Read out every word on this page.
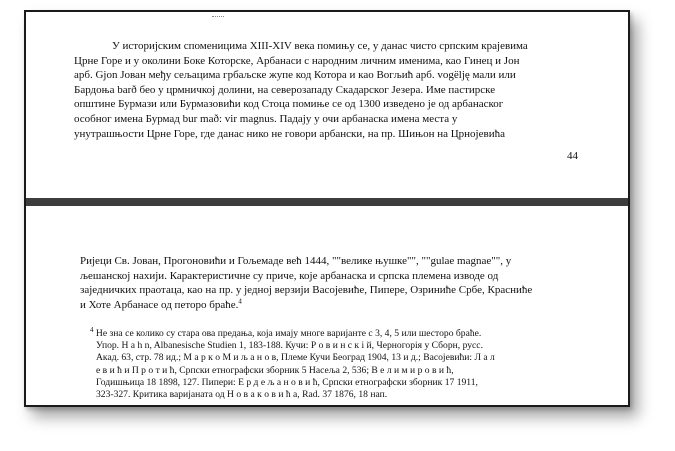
У историјским споменицима XIII-XIV века помињу се, у данас чисто српским крајевима
Црне Горе и у околини Боке Которске, Арбанаси с народним личним именима, као Гинец и Јон
арб. Gjon Јован међу сељацима грбаљске жупе код Котора и као Вогљић арб. vogëlję мали или
Бардоња barð бео у црмничкој долини, на северозападу Скадарског Језера. Име пастирске
општине Бурмази или Бурмазовићи код Стоца помиње се од 1300 изведено је од арбанаског
особног имена Бурмад bur mað: vir magnus. Падају у очи арбанаска имена места у
унутрашњости Црне Горе, где данас нико не говори арбански, на пр. Шињон на Црнојевића
44
Ријеци Св. Јован, Прогоновићи и Гољемаде већ 1444, ""велике њушке"", ""gulae magnae"", у
љешанској нахији. Карактеристичне су приче, које арбанаска и српска племена изводе од
заједничких праотаца, као на пр. у једној верзији Васојевиће, Пипере, Озриниће Србе, Красниће
и Хоте Арбанасе од петоро браће.$^4$
$^4$ Не зна се колико су стара ова предања, која имају многе варијанте с 3, 4, 5 или шесторо браће.
Упор. H a h n, Albanesische Studien 1, 183-188. Кучи: Р о в и н с к і й, Черногорія у Сборн, русс.
Акад. 63, стр. 78 ид.; М а р к о М и љ а н о в, Племе Кучи Београд 1904, 13 и д.; Васојевићи: Л а л
е в и ћ и П р о т и ћ, Српски етнографски зборник 5 Насеља 2, 536; В е л и м и р о в и ћ,
Годишњица 18 1898, 127. Пипери: Е р д е љ а н о в и ћ, Српски етнографски зборник 17 1911,
323-327. Критика варијаната од Н о в а к о в и ћ а, Rad. 37 1876, 18 нап.
